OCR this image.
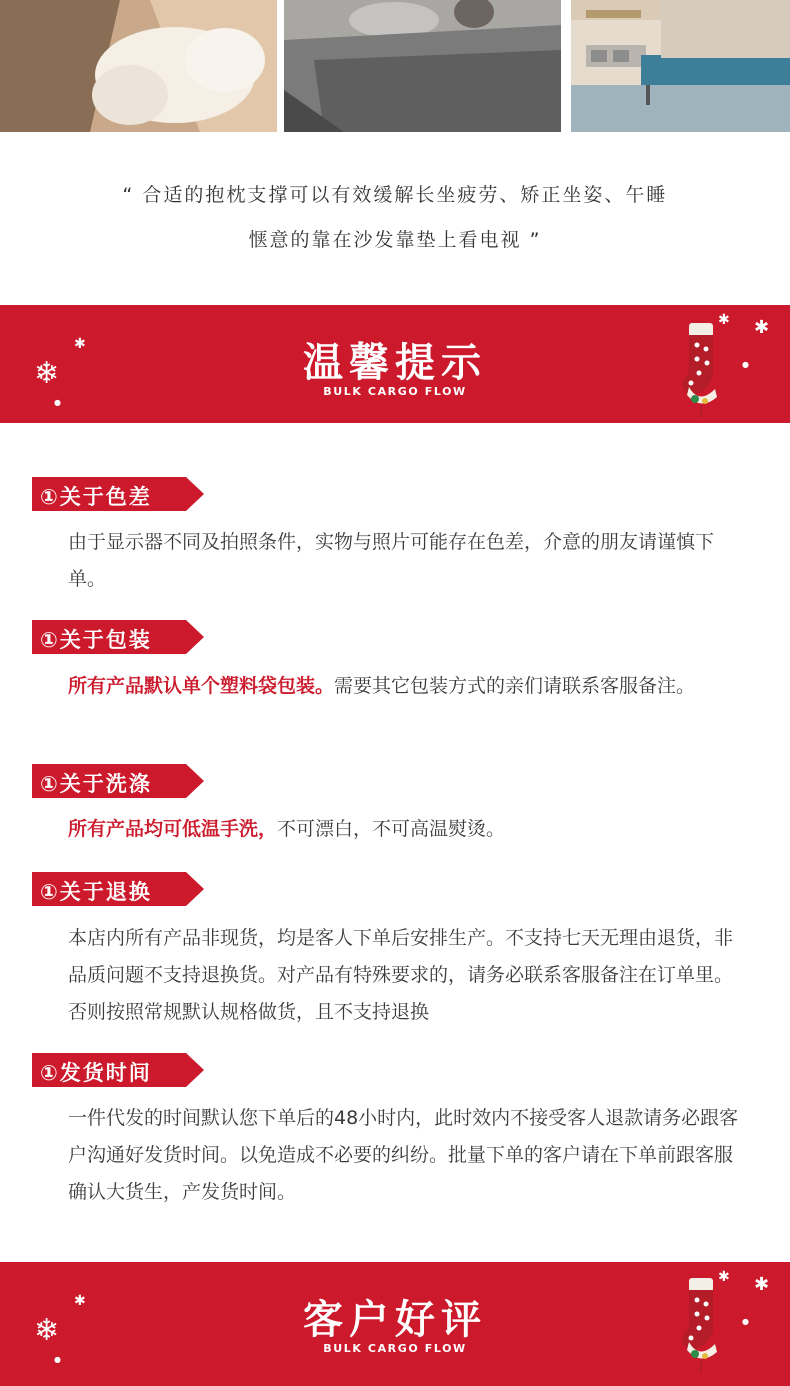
“ 合适的抱枕支撑可以有效缓解长坐疲劳、矫正坐姿、午睡
惬意的靠在沙发靠垫上看电视 ”
❄
✱
●
温馨提示
BULK CARGO FLOW
✱ ✱
●
①关于色差
由于显示器不同及拍照条件，实物与照片可能存在色差，介意的朋友请谨慎下单。
①关于包装
所有产品默认单个塑料袋包装。需要其它包装方式的亲们请联系客服备注。
①关于洗涤
所有产品均可低温手洗，不可漂白，不可高温熨烫。
①关于退换
本店内所有产品非现货，均是客人下单后安排生产。不支持七天无理由退货，非品质问题不支持退换货。对产品有特殊要求的，请务必联系客服备注在订单里。否则按照常规默认规格做货，且不支持退换
①发货时间
一件代发的时间默认您下单后的48小时内，此时效内不接受客人退款请务必跟客户沟通好发货时间。以免造成不必要的纠纷。批量下单的客户请在下单前跟客服确认大货生，产发货时间。
❄
✱
●
客户好评
BULK CARGO FLOW
✱ ✱
●
